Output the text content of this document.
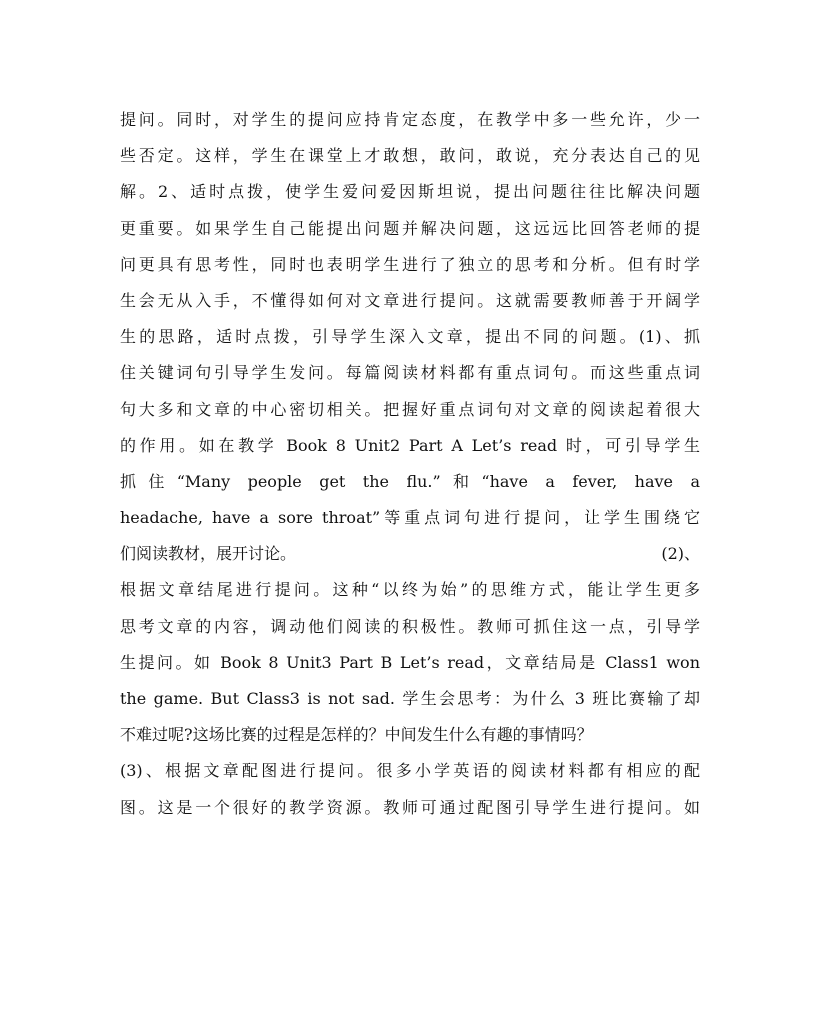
提问。同时，对学生的提问应持肯定态度，在教学中多一些允许，少一
些否定。这样，学生在课堂上才敢想，敢问，敢说，充分表达自己的见
解。2、适时点拨，使学生爱问爱因斯坦说，提出问题往往比解决问题
更重要。如果学生自己能提出问题并解决问题，这远远比回答老师的提
问更具有思考性，同时也表明学生进行了独立的思考和分析。但有时学
生会无从入手，不懂得如何对文章进行提问。这就需要教师善于开阔学
生的思路，适时点拨，引导学生深入文章，提出不同的问题。(1)、抓
住关键词句引导学生发问。每篇阅读材料都有重点词句。而这些重点词
句大多和文章的中心密切相关。把握好重点词句对文章的阅读起着很大
的作用。如在教学 Book 8 Unit2 Part A Let’s read 时，可引导学生
抓住“Many people get the flu.”和“have a fever, have a
headache, have a sore throat”等重点词句进行提问，让学生围绕它
们阅读教材，展开讨论。	(2)、
根据文章结尾进行提问。这种“以终为始”的思维方式，能让学生更多
思考文章的内容，调动他们阅读的积极性。教师可抓住这一点，引导学
生提问。如 Book 8 Unit3 Part B Let’s read，文章结局是 Class1 won
the game. But Class3 is not sad. 学生会思考：为什么 3 班比赛输了却
不难过呢?这场比赛的过程是怎样的？中间发生什么有趣的事情吗？
(3)、根据文章配图进行提问。很多小学英语的阅读材料都有相应的配
图。这是一个很好的教学资源。教师可通过配图引导学生进行提问。如
